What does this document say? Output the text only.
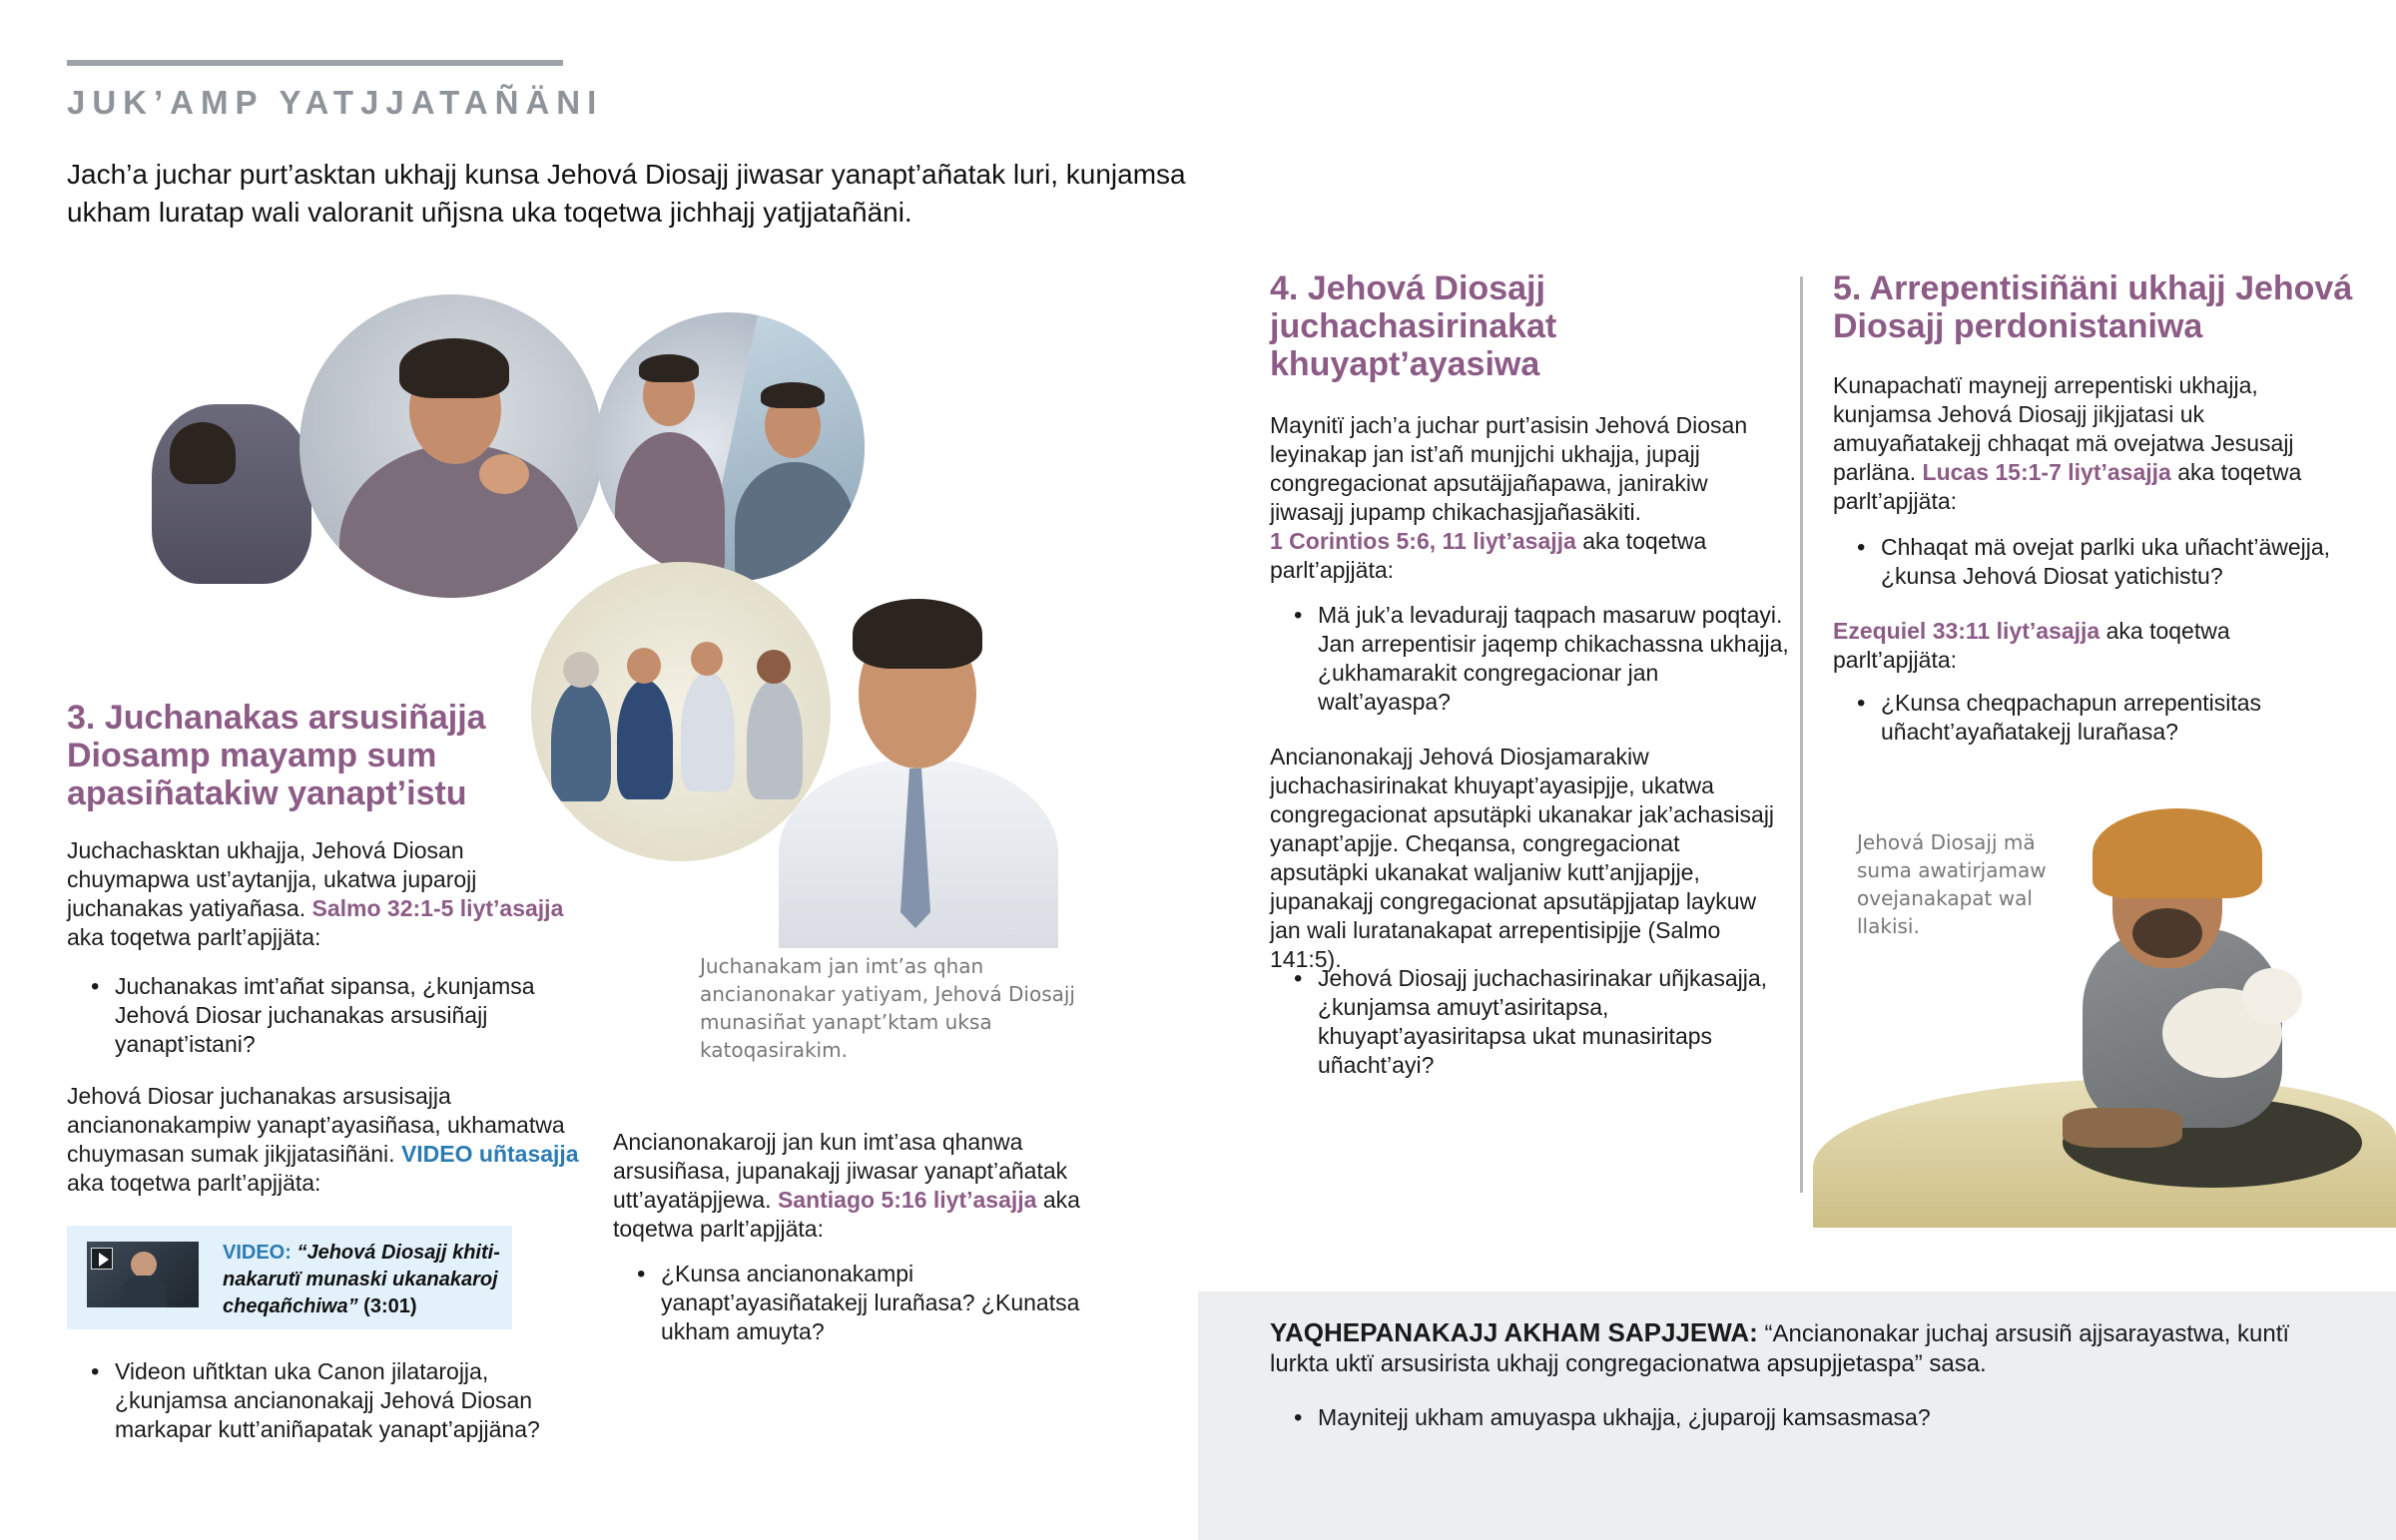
JUK’AMP YATJJATAÑÄNI

Jach’a juchar purt’asktan ukhajj kunsa Jehová Diosajj jiwasar yanapt’añatak luri, kunjamsa ukham luratap wali valoranit uñjsna uka toqetwa jichhajj yatjjatañäni.

3. Juchanakas arsusiñajja Diosamp mayamp sum apasiñatakiw yanapt’istu

Juchachasktan ukhajja, Jehová Diosan chuymapwa ust’aytanjja, ukatwa juparojj juchanakas yatiyañasa. Salmo 32:1-5 liyt’asajja aka toqetwa parlt’apjjäta:

• Juchanakas imt’añat sipansa, ¿kunjamsa Jehová Diosar juchanakas arsusiñajj yanapt’istani?

Jehová Diosar juchanakas arsusisajja ancianonakampiw yanapt’ayasiñasa, ukhamatwa chuymasan sumak jikjjatasiñäni. VIDEO uñtasajja aka toqetwa parlt’apjjäta:

VIDEO: “Jehová Diosajj khitinakarutï munaski ukanakaroj cheqañchiwa” (3:01)
• Videon uñtktan uka Canon jilatarojja, ¿kunjamsa ancianonakajj Jehová Diosan markapar kutt’aniñapatak yanapt’apjjäna?

Juchanakam jan imt’as qhan ancianonakar yatiyam, Jehová Diosajj munasiñat yanapt’ktam uksa katoqasirakim.

Ancianonakarojj jan kun imt’asa qhanwa arsusiñasa, jupanakajj jiwasar yanapt’añatak utt’ayatäpjjewa. Santiago 5:16 liyt’asajja aka toqetwa parlt’apjjäta:

• ¿Kunsa ancianonakampi yanapt’ayasiñatakejj lurañasa? ¿Kunatsa ukham amuyta?
4. Jehová Diosajj juchachasirinakat khuyapt’ayasiwa

Maynitï jach’a juchar purt’asisin Jehová Diosan leyinakap jan ist’añ munjjchi ukhajja, jupajj congregacionat apsutäjjañapawa, janirakiw jiwasajj jupamp chikachasjjañasäkiti.
1 Corintios 5:6, 11 liyt’asajja aka toqetwa parlt’apjjäta:

• Mä juk’a levadurajj taqpach masaruw poqtayi. Jan arrepentisir jaqemp chikachassna ukhajja, ¿ukhamarakit congregacionar jan walt’ayaspa?

Ancianonakajj Jehová Diosjamarakiw juchachasirinakat khuyapt’ayasipjje, ukatwa congregacionat apsutäpki ukanakar jak’achasisajj yanapt’apjje. Cheqansa, congregacionat apsutäpki ukanakat waljaniw kutt’anjjapjje, jupanakajj congregacionat apsutäpjjatap laykuw jan wali luratanakapat arrepentisipjje (Salmo 141:5).

• Jehová Diosajj juchachasirinakar uñjkasajja, ¿kunjamsa amuyt’asiritapsa, khuyapt’ayasiritapsa ukat munasiritaps uñacht’ayi?
5. Arrepentisiñäni ukhajj Jehová Diosajj perdonistaniwa

Kunapachatï maynejj arrepentiski ukhajja, kunjamsa Jehová Diosajj jikjjatasi uk amuyañatakejj chhaqat mä ovejatwa Jesusajj parläna. Lucas 15:1-7 liyt’asajja aka toqetwa parlt’apjjäta:

• Chhaqat mä ovejat parlki uka uñacht’äwejja, ¿kunsa Jehová Diosat yatichistu?

Ezequiel 33:11 liyt’asajja aka toqetwa parlt’apjjäta:

• ¿Kunsa cheqpachapun arrepentisitas uñacht’ayañatakejj lurañasa?

Jehová Diosajj mä suma awatirjamaw ovejanakapat wal llakisi.

YAQHEPANAKAJJ AKHAM SAPJJEWA: “Ancianonakar juchaj arsusiñ ajjsarayastwa, kuntï lurkta uktï arsusirista ukhajj congregacionatwa apsupjjetaspa” sasa.

• Maynitejj ukham amuyaspa ukhajja, ¿juparojj kamsasmasa?
